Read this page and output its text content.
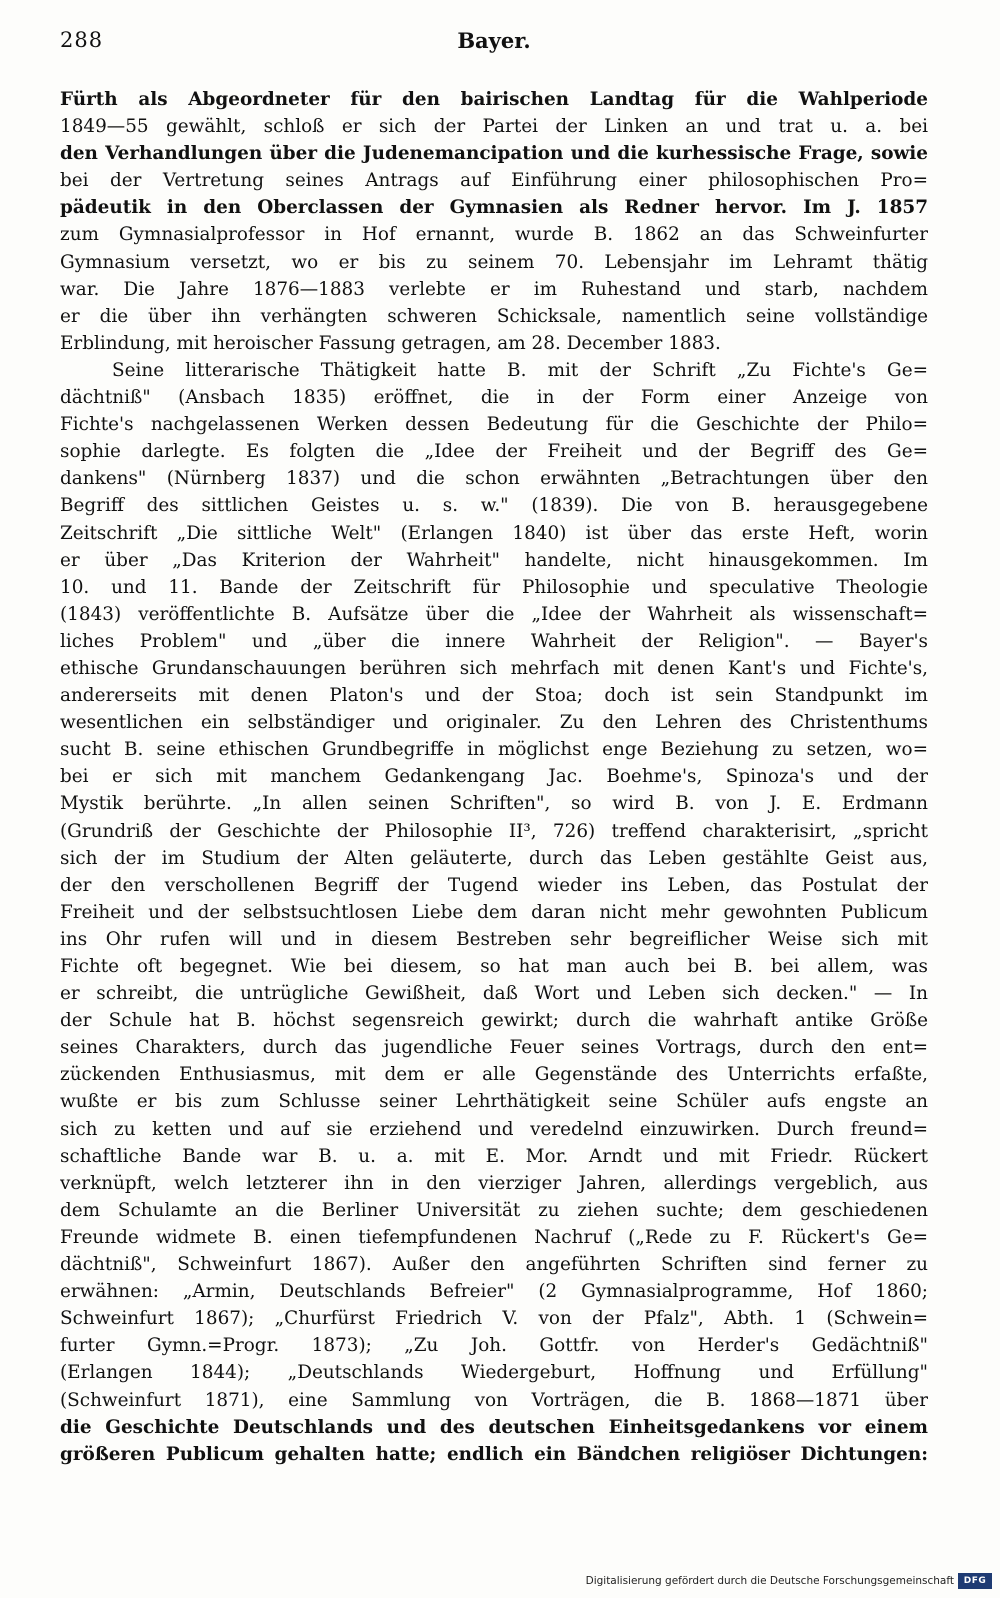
288	Bayer.
Fürth als Abgeordneter für den bairischen Landtag für die Wahlperiode
1849—55 gewählt, schloß er sich der Partei der Linken an und trat u. a. bei
den Verhandlungen über die Judenemancipation und die kurhessische Frage, sowie
bei der Vertretung seines Antrags auf Einführung einer philosophischen Pro=
pädeutik in den Oberclassen der Gymnasien als Redner hervor. Im J. 1857
zum Gymnasialprofessor in Hof ernannt, wurde B. 1862 an das Schweinfurter
Gymnasium versetzt, wo er bis zu seinem 70. Lebensjahr im Lehramt thätig
war. Die Jahre 1876—1883 verlebte er im Ruhestand und starb, nachdem
er die über ihn verhängten schweren Schicksale, namentlich seine vollständige
Erblindung, mit heroischer Fassung getragen, am 28. December 1883.
Seine litterarische Thätigkeit hatte B. mit der Schrift „Zu Fichte's Ge=
dächtniß" (Ansbach 1835) eröffnet, die in der Form einer Anzeige von
Fichte's nachgelassenen Werken dessen Bedeutung für die Geschichte der Philo=
sophie darlegte. Es folgten die „Idee der Freiheit und der Begriff des Ge=
dankens" (Nürnberg 1837) und die schon erwähnten „Betrachtungen über den
Begriff des sittlichen Geistes u. s. w." (1839). Die von B. herausgegebene
Zeitschrift „Die sittliche Welt" (Erlangen 1840) ist über das erste Heft, worin
er über „Das Kriterion der Wahrheit" handelte, nicht hinausgekommen. Im
10. und 11. Bande der Zeitschrift für Philosophie und speculative Theologie
(1843) veröffentlichte B. Aufsätze über die „Idee der Wahrheit als wissenschaft=
liches Problem" und „über die innere Wahrheit der Religion". — Bayer's
ethische Grundanschauungen berühren sich mehrfach mit denen Kant's und Fichte's,
andererseits mit denen Platon's und der Stoa; doch ist sein Standpunkt im
wesentlichen ein selbständiger und originaler. Zu den Lehren des Christenthums
sucht B. seine ethischen Grundbegriffe in möglichst enge Beziehung zu setzen, wo=
bei er sich mit manchem Gedankengang Jac. Boehme's, Spinoza's und der
Mystik berührte. „In allen seinen Schriften", so wird B. von J. E. Erdmann
(Grundriß der Geschichte der Philosophie II³, 726) treffend charakterisirt, „spricht
sich der im Studium der Alten geläuterte, durch das Leben gestählte Geist aus,
der den verschollenen Begriff der Tugend wieder ins Leben, das Postulat der
Freiheit und der selbstsuchtlosen Liebe dem daran nicht mehr gewohnten Publicum
ins Ohr rufen will und in diesem Bestreben sehr begreiflicher Weise sich mit
Fichte oft begegnet. Wie bei diesem, so hat man auch bei B. bei allem, was
er schreibt, die untrügliche Gewißheit, daß Wort und Leben sich decken." — In
der Schule hat B. höchst segensreich gewirkt; durch die wahrhaft antike Größe
seines Charakters, durch das jugendliche Feuer seines Vortrags, durch den ent=
zückenden Enthusiasmus, mit dem er alle Gegenstände des Unterrichts erfaßte,
wußte er bis zum Schlusse seiner Lehrthätigkeit seine Schüler aufs engste an
sich zu ketten und auf sie erziehend und veredelnd einzuwirken. Durch freund=
schaftliche Bande war B. u. a. mit E. Mor. Arndt und mit Friedr. Rückert
verknüpft, welch letzterer ihn in den vierziger Jahren, allerdings vergeblich, aus
dem Schulamte an die Berliner Universität zu ziehen suchte; dem geschiedenen
Freunde widmete B. einen tiefempfundenen Nachruf („Rede zu F. Rückert's Ge=
dächtniß", Schweinfurt 1867). Außer den angeführten Schriften sind ferner zu
erwähnen: „Armin, Deutschlands Befreier" (2 Gymnasialprogramme, Hof 1860;
Schweinfurt 1867); „Churfürst Friedrich V. von der Pfalz", Abth. 1 (Schwein=
furter Gymn.=Progr. 1873); „Zu Joh. Gottfr. von Herder's Gedächtniß"
(Erlangen 1844); „Deutschlands Wiedergeburt, Hoffnung und Erfüllung"
(Schweinfurt 1871), eine Sammlung von Vorträgen, die B. 1868—1871 über
die Geschichte Deutschlands und des deutschen Einheitsgedankens vor einem
größeren Publicum gehalten hatte; endlich ein Bändchen religiöser Dichtungen:
Digitalisierung gefördert durch die Deutsche Forschungsgemeinschaft	DFG
